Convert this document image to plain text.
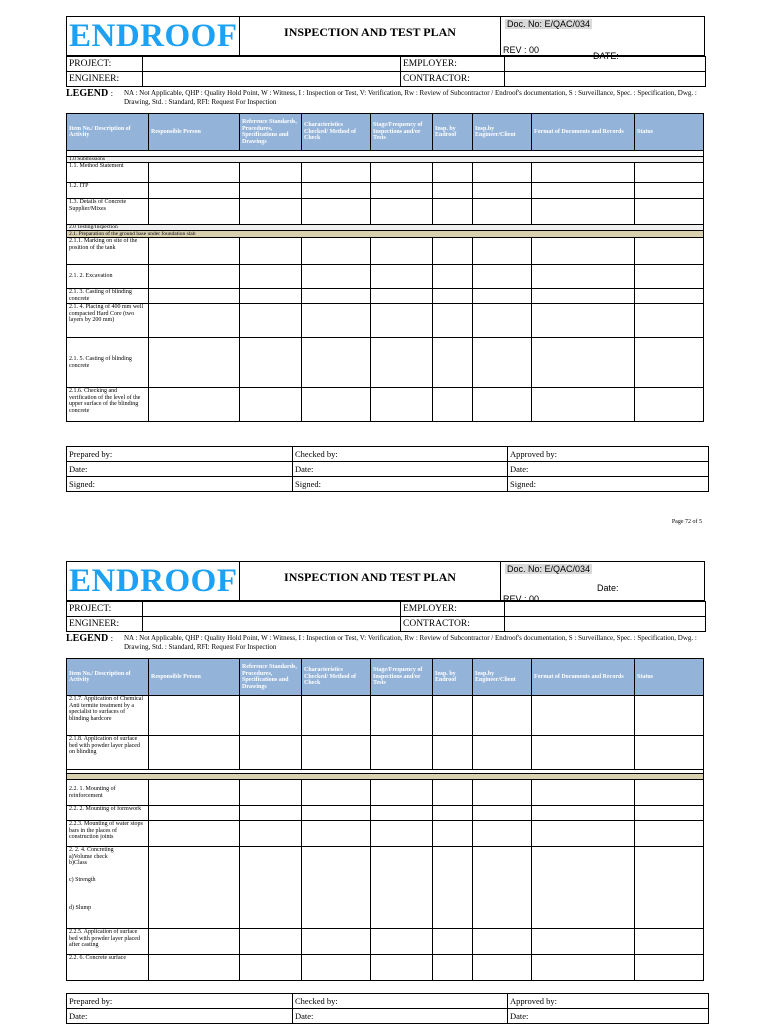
ENDROOF	INSPECTION AND TEST PLAN	
Doc. No: E/QAC/034
REV : 00
DATE:
PROJECT:		EMPLOYER:	
ENGINEER:		CONTRACTOR:	
LEGEND : NA : Not Applicable, QHP : Quality Hold Point, W : Witness, I : Inspection or Test, V: Verification, Rw : Review of Subcontractor / Endroof's documentation, S : Surveillance, Spec. : Specification, Dwg. : Drawing, Std. : Standard, RFI: Request For Inspection
Item No./ Description of Activity	Responsible Person	Reference Standards, Procedures, Specifications and Drawings	Characteristics Checked/ Method of Check	Stage/Frequency of Inspections and/or Tests	Insp. by Endroof	Insp.by Engineer/Client	Format of Documents and Records	Status

1.0 Submissions								
1.1. Method Statement								
1.2. ITP								
1.3. Details of Concrete Supplier/Mixes								
2.0 Testing/Inspection								
2.1. Preparation of the ground base under foundation slab								
2.1.1. Marking on site of the position of the tank								
2.1. 2. Excavation								
2.1. 3. Casting of blinding concrete								
2.1. 4. Placing of 400 mm well compacted Hard Core (two layers by 200 mm)								
2.1. 5. Casting of blinding concrete								
2.1.6. Checking and verification of the level of the upper surface of the blinding concrete								
Prepared by:	Checked by:	Approved by:
Date:	Date:	Date:
Signed:	Signed:	Signed:
Page 72 of 5
ENDROOF	INSPECTION AND TEST PLAN	
Doc. No: E/QAC/034
Date:
REV : 00
PROJECT:		EMPLOYER:	
ENGINEER:		CONTRACTOR:	
LEGEND : NA : Not Applicable, QHP : Quality Hold Point, W : Witness, I : Inspection or Test, V: Verification, Rw : Review of Subcontractor / Endroof's documentation, S : Surveillance, Spec. : Specification, Dwg. : Drawing, Std. : Standard, RFI: Request For Inspection
Item No./ Description of Activity	Responsible Person	Reference Standards, Procedures, Specifications and Drawings	Characteristics Checked/ Method of Check	Stage/Frequency of Inspections and/or Tests	Insp. by Endroof	Insp.by Engineer/Client	Format of Documents and Records	Status
2.1.7. Application of Chemical Anti termite treatment by a specialist to surfaces of blinding hardcore								
2.1.8. Application of surface bed with powder layer placed on blinding								

2.2. 1. Mounting of reinforcement								
2.2. 2. Mounting of formwork								
2.2.3. Mounting of water stops bars in the places of construction joints								

2. 2. 4. Concreting
a)Volume check
b)Class
c) Strength
d) Slump								

2.2.5. Application of surface bed with powder layer placed after casting								
2.2. 6. Concrete surface								
Prepared by:	Checked by:	Approved by:
Date:	Date:	Date:
